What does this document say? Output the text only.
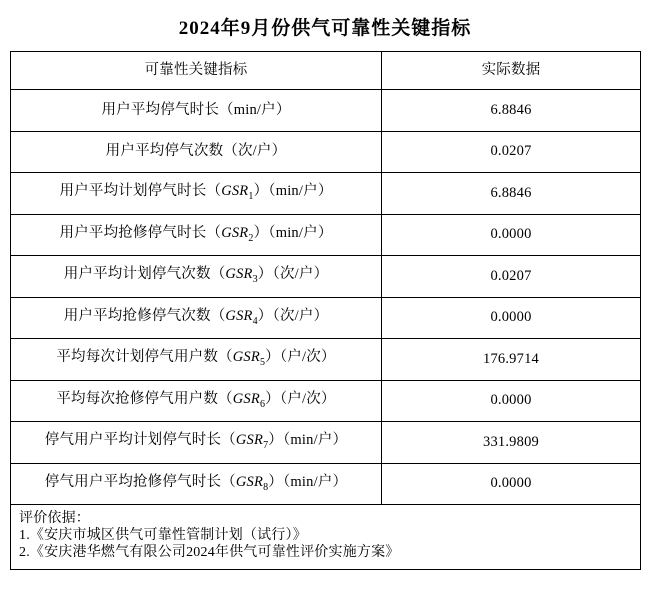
2024年9月份供气可靠性关键指标
可靠性关键指标	实际数据
用户平均停气时长（min/户）	6.8846
用户平均停气次数（次/户）	0.0207
用户平均计划停气时长$(GSR_1)(\min/$户）	6.8846
用户平均抢修停气时长$(GSR_2)(\min/$户）	0.0000
用户平均计划停气次数$(GSR_3)$（次/户）	0.0207
用户平均抢修停气次数$(GSR_4)$（次/户）	0.0000
平均每次计划停气用户数$(GSR_5)$（户/次）	176.9714
平均每次抢修停气用户数$(GSR_6)$（户/次）	0.0000
停气用户平均计划停气时长$(GSR_7)(\min/$户）	331.9809
停气用户平均抢修停气时长$(GSR_8)(\min/$户）	0.0000

评价依据：
1.《安庆市城区供气可靠性管制计划（试行）》
2.《安庆港华燃气有限公司2024年供气可靠性评价实施方案》	
